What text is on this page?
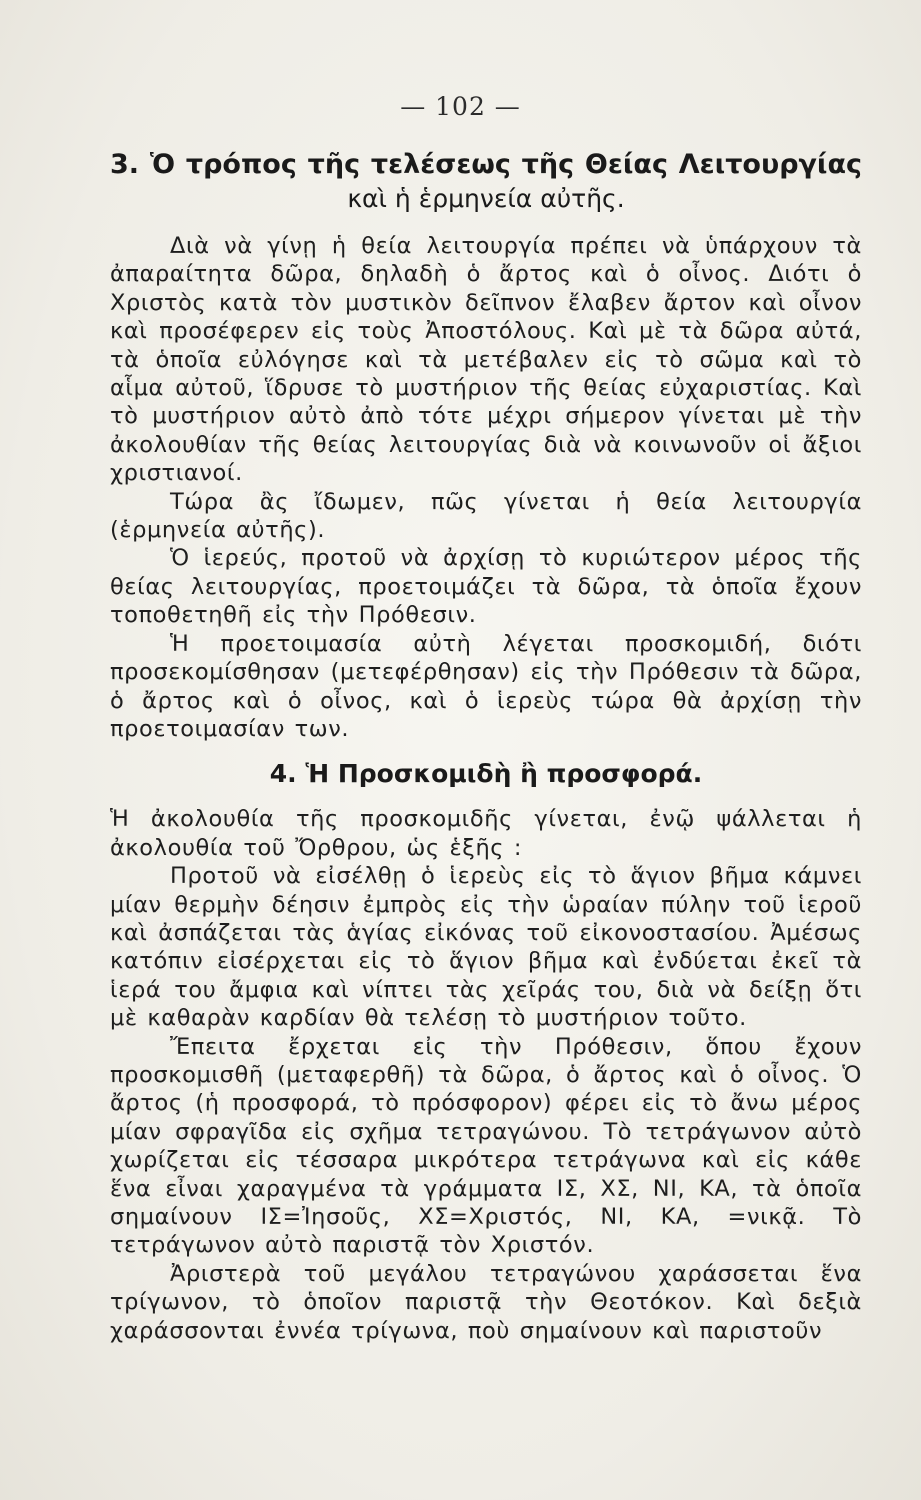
— 102 —
3. Ὁ τρόπος τῆς τελέσεως τῆς Θείας Λειτουργίας
καὶ ἡ ἑρμηνεία αὐτῆς.

Διὰ νὰ γίνῃ ἡ θεία λειτουργία πρέπει νὰ ὑπάρχουν τὰ ἀπαραίτητα δῶρα, δηλαδὴ ὁ ἄρτος καὶ ὁ οἶνος. Διότι ὁ Χριστὸς κατὰ τὸν μυστικὸν δεῖπνον ἔλαβεν ἄρτον καὶ οἶνον καὶ προσέφερεν εἰς τοὺς Ἀποστόλους. Καὶ μὲ τὰ δῶρα αὐτά, τὰ ὁποῖα εὐλόγησε καὶ τὰ μετέβαλεν εἰς τὸ σῶμα καὶ τὸ αἷμα αὐτοῦ, ἵδρυσε τὸ μυστήριον τῆς θείας εὐχαριστίας. Καὶ τὸ μυστήριον αὐτὸ ἀπὸ τότε μέχρι σήμερον γίνεται μὲ τὴν ἀκολουθίαν τῆς θείας λειτουργίας διὰ νὰ κοινωνοῦν οἱ ἄξιοι χριστιανοί.

Τώρα ἂς ἴδωμεν, πῶς γίνεται ἡ θεία λειτουργία (ἑρμηνεία αὐτῆς).

Ὁ ἱερεύς, προτοῦ νὰ ἀρχίσῃ τὸ κυριώτερον μέρος τῆς θείας λειτουργίας, προετοιμάζει τὰ δῶρα, τὰ ὁποῖα ἔχουν τοποθετηθῆ εἰς τὴν Πρόθεσιν.

Ἡ προετοιμασία αὐτὴ λέγεται προσκομιδή, διότι προσεκομίσθησαν (μετεφέρθησαν) εἰς τὴν Πρόθεσιν τὰ δῶρα, ὁ ἄρτος καὶ ὁ οἶνος, καὶ ὁ ἱερεὺς τώρα θὰ ἀρχίσῃ τὴν προετοιμασίαν των.

4. Ἡ Προσκομιδὴ ἢ προσφορά.

Ἡ ἀκολουθία τῆς προσκομιδῆς γίνεται, ἐνῷ ψάλλεται ἡ ἀκολουθία τοῦ Ὄρθρου, ὡς ἑξῆς :

Προτοῦ νὰ εἰσέλθῃ ὁ ἱερεὺς εἰς τὸ ἅγιον βῆμα κάμνει μίαν θερμὴν δέησιν ἐμπρὸς εἰς τὴν ὡραίαν πύλην τοῦ ἱεροῦ καὶ ἀσπάζεται τὰς ἁγίας εἰκόνας τοῦ εἰκονοστασίου. Ἀμέσως κατόπιν εἰσέρχεται εἰς τὸ ἅγιον βῆμα καὶ ἐνδύεται ἐκεῖ τὰ ἱερά του ἄμφια καὶ νίπτει τὰς χεῖράς του, διὰ νὰ δείξῃ ὅτι μὲ καθαρὰν καρδίαν θὰ τελέσῃ τὸ μυστήριον τοῦτο.

Ἔπειτα ἔρχεται εἰς τὴν Πρόθεσιν, ὅπου ἔχουν προσκομισθῆ (μεταφερθῆ) τὰ δῶρα, ὁ ἄρτος καὶ ὁ οἶνος. Ὁ ἄρτος (ἡ προσφορά, τὸ πρόσφορον) φέρει εἰς τὸ ἄνω μέρος μίαν σφραγῖδα εἰς σχῆμα τετραγώνου. Τὸ τετράγωνον αὐτὸ χωρίζεται εἰς τέσσαρα μικρότερα τετράγωνα καὶ εἰς κάθε ἕνα εἶναι χαραγμένα τὰ γράμματα ΙΣ, ΧΣ, ΝΙ, ΚΑ, τὰ ὁποῖα σημαίνουν ΙΣ=Ἰησοῦς, ΧΣ=Χριστός, ΝΙ, ΚΑ, =νικᾷ. Τὸ τετράγωνον αὐτὸ παριστᾷ τὸν Χριστόν.

Ἀριστερὰ τοῦ μεγάλου τετραγώνου χαράσσεται ἕνα τρίγωνον, τὸ ὁποῖον παριστᾷ τὴν Θεοτόκον. Καὶ δεξιὰ χαράσσονται ἐννέα τρίγωνα, ποὺ σημαίνουν καὶ παριστοῦν
